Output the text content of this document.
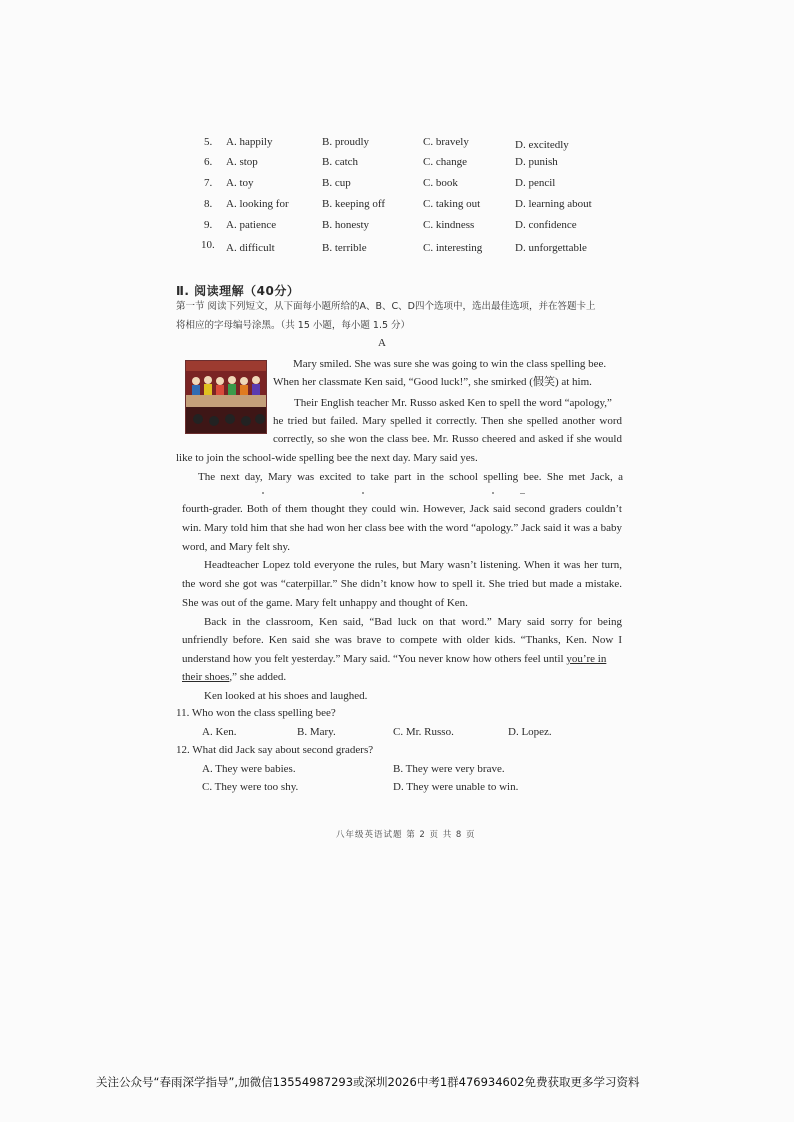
5. A. happily	B. proudly	C. bravely	D. excitedly
6. A. stop	B. catch	C. change	D. punish
7. A. toy	B. cup	C. book	D. pencil
8. A. looking for	B. keeping off	C. taking out	D. learning about
9. A. patience	B. honesty	C. kindness	D. confidence
10. A. difficult	B. terrible	C. interesting	D. unforgettable
Ⅱ. 阅读理解（40分）
第一节 阅读下列短文，从下面每小题所给的A、B、C、D四个选项中，选出最佳选项，并在答题卡上
将相应的字母编号涂黑。（共 15 小题，每小题 1.5 分）
A
Mary smiled. She was sure she was going to win the class spelling bee.
When her classmate Ken said, “Good luck!”, she smirked (假笑) at him.
Their English teacher Mr. Russo asked Ken to spell the word “apology,”
he tried but failed. Mary spelled it correctly. Then she spelled another word
correctly, so she won the class bee. Mr. Russo cheered and asked if she would
like to join the school-wide spelling bee the next day. Mary said yes.
The next day, Mary was excited to take part in the school spelling bee. She met Jack, a
fourth-grader. Both of them thought they could win. However, Jack said second graders couldn’t
win. Mary told him that she had won her class bee with the word “apology.” Jack said it was a baby
word, and Mary felt shy.
Headteacher Lopez told everyone the rules, but Mary wasn’t listening. When it was her turn,
the word she got was “caterpillar.” She didn’t know how to spell it. She tried but made a mistake.
She was out of the game. Mary felt unhappy and thought of Ken.
Back in the classroom, Ken said, “Bad luck on that word.” Mary said sorry for being
unfriendly before. Ken said she was brave to compete with older kids. “Thanks, Ken. Now I
understand how you felt yesterday.” Mary said. “You never know how others feel until you’re in
their shoes,” she added.
Ken looked at his shoes and laughed.
11. Who won the class spelling bee?
A. Ken.	B. Mary.	C. Mr. Russo.	D. Lopez.
12. What did Jack say about second graders?
A. They were babies.	B. They were very brave.
C. They were too shy.	D. They were unable to win.
八年级英语试题 第 2 页 共 8 页
关注公众号“春雨深学指导”,加微信13554987293或深圳2026中考1群476934602免费获取更多学习资料
